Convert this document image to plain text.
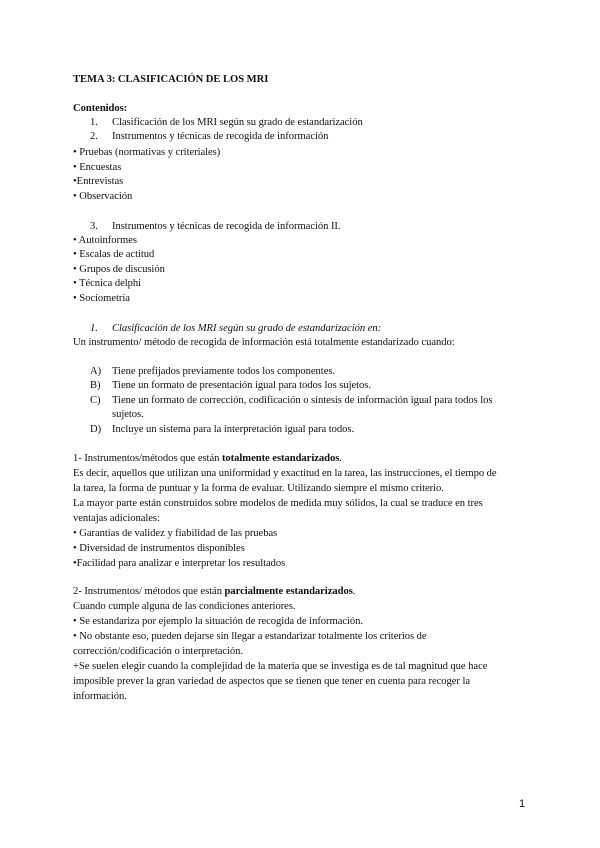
TEMA 3: CLASIFICACIÓN DE LOS MRI
Contenidos:
1. Clasificación de los MRI según su grado de estandarización
2. Instrumentos y técnicas de recogida de información
• Pruebas (normativas y criteriales)
• Encuestas
•Entrevistas
• Observación
3. Instrumentos y técnicas de recogida de información II.
• Autoinformes
• Escalas de actitud
• Grupos de discusión
• Técnica delphi
• Sociometría
1. Clasificación de los MRI según su grado de estandarización en:
Un instrumento/ método de recogida de información está totalmente estandarizado cuando:
A) Tiene prefijados previamente todos los componentes.
B) Tiene un formato de presentación igual para todos los sujetos.
C) Tiene un formato de corrección, codificación o síntesis de información igual para todos los
sujetos.
D) Incluye un sistema para la interpretación igual para todos.
1- Instrumentos/métodos que están totalmente estandarizados.
Es decir, aquellos que utilizan una uniformidad y exactitud en la tarea, las instrucciones, el tiempo de
la tarea, la forma de puntuar y la forma de evaluar. Utilizando siempre el mismo criterio.
La mayor parte están construidos sobre modelos de medida muy sólidos, la cual se traduce en tres
ventajas adicionales:
• Garantías de validez y fiabilidad de las pruebas
• Diversidad de instrumentos disponibles
•Facilidad para analizar e interpretar los resultados
2- Instrumentos/ métodos que están parcialmente estandarizados.
Cuando cumple alguna de las condiciones anteriores.
• Se estandariza por ejemplo la situación de recogida de información.
• No obstante eso, pueden dejarse sin llegar a estandarizar totalmente los criterios de
corrección/codificación o interpretación.
+Se suelen elegir cuando la complejidad de la materia que se investiga es de tal magnitud que hace
imposible prever la gran variedad de aspectos que se tienen que tener en cuenta para recoger la
información.
1
